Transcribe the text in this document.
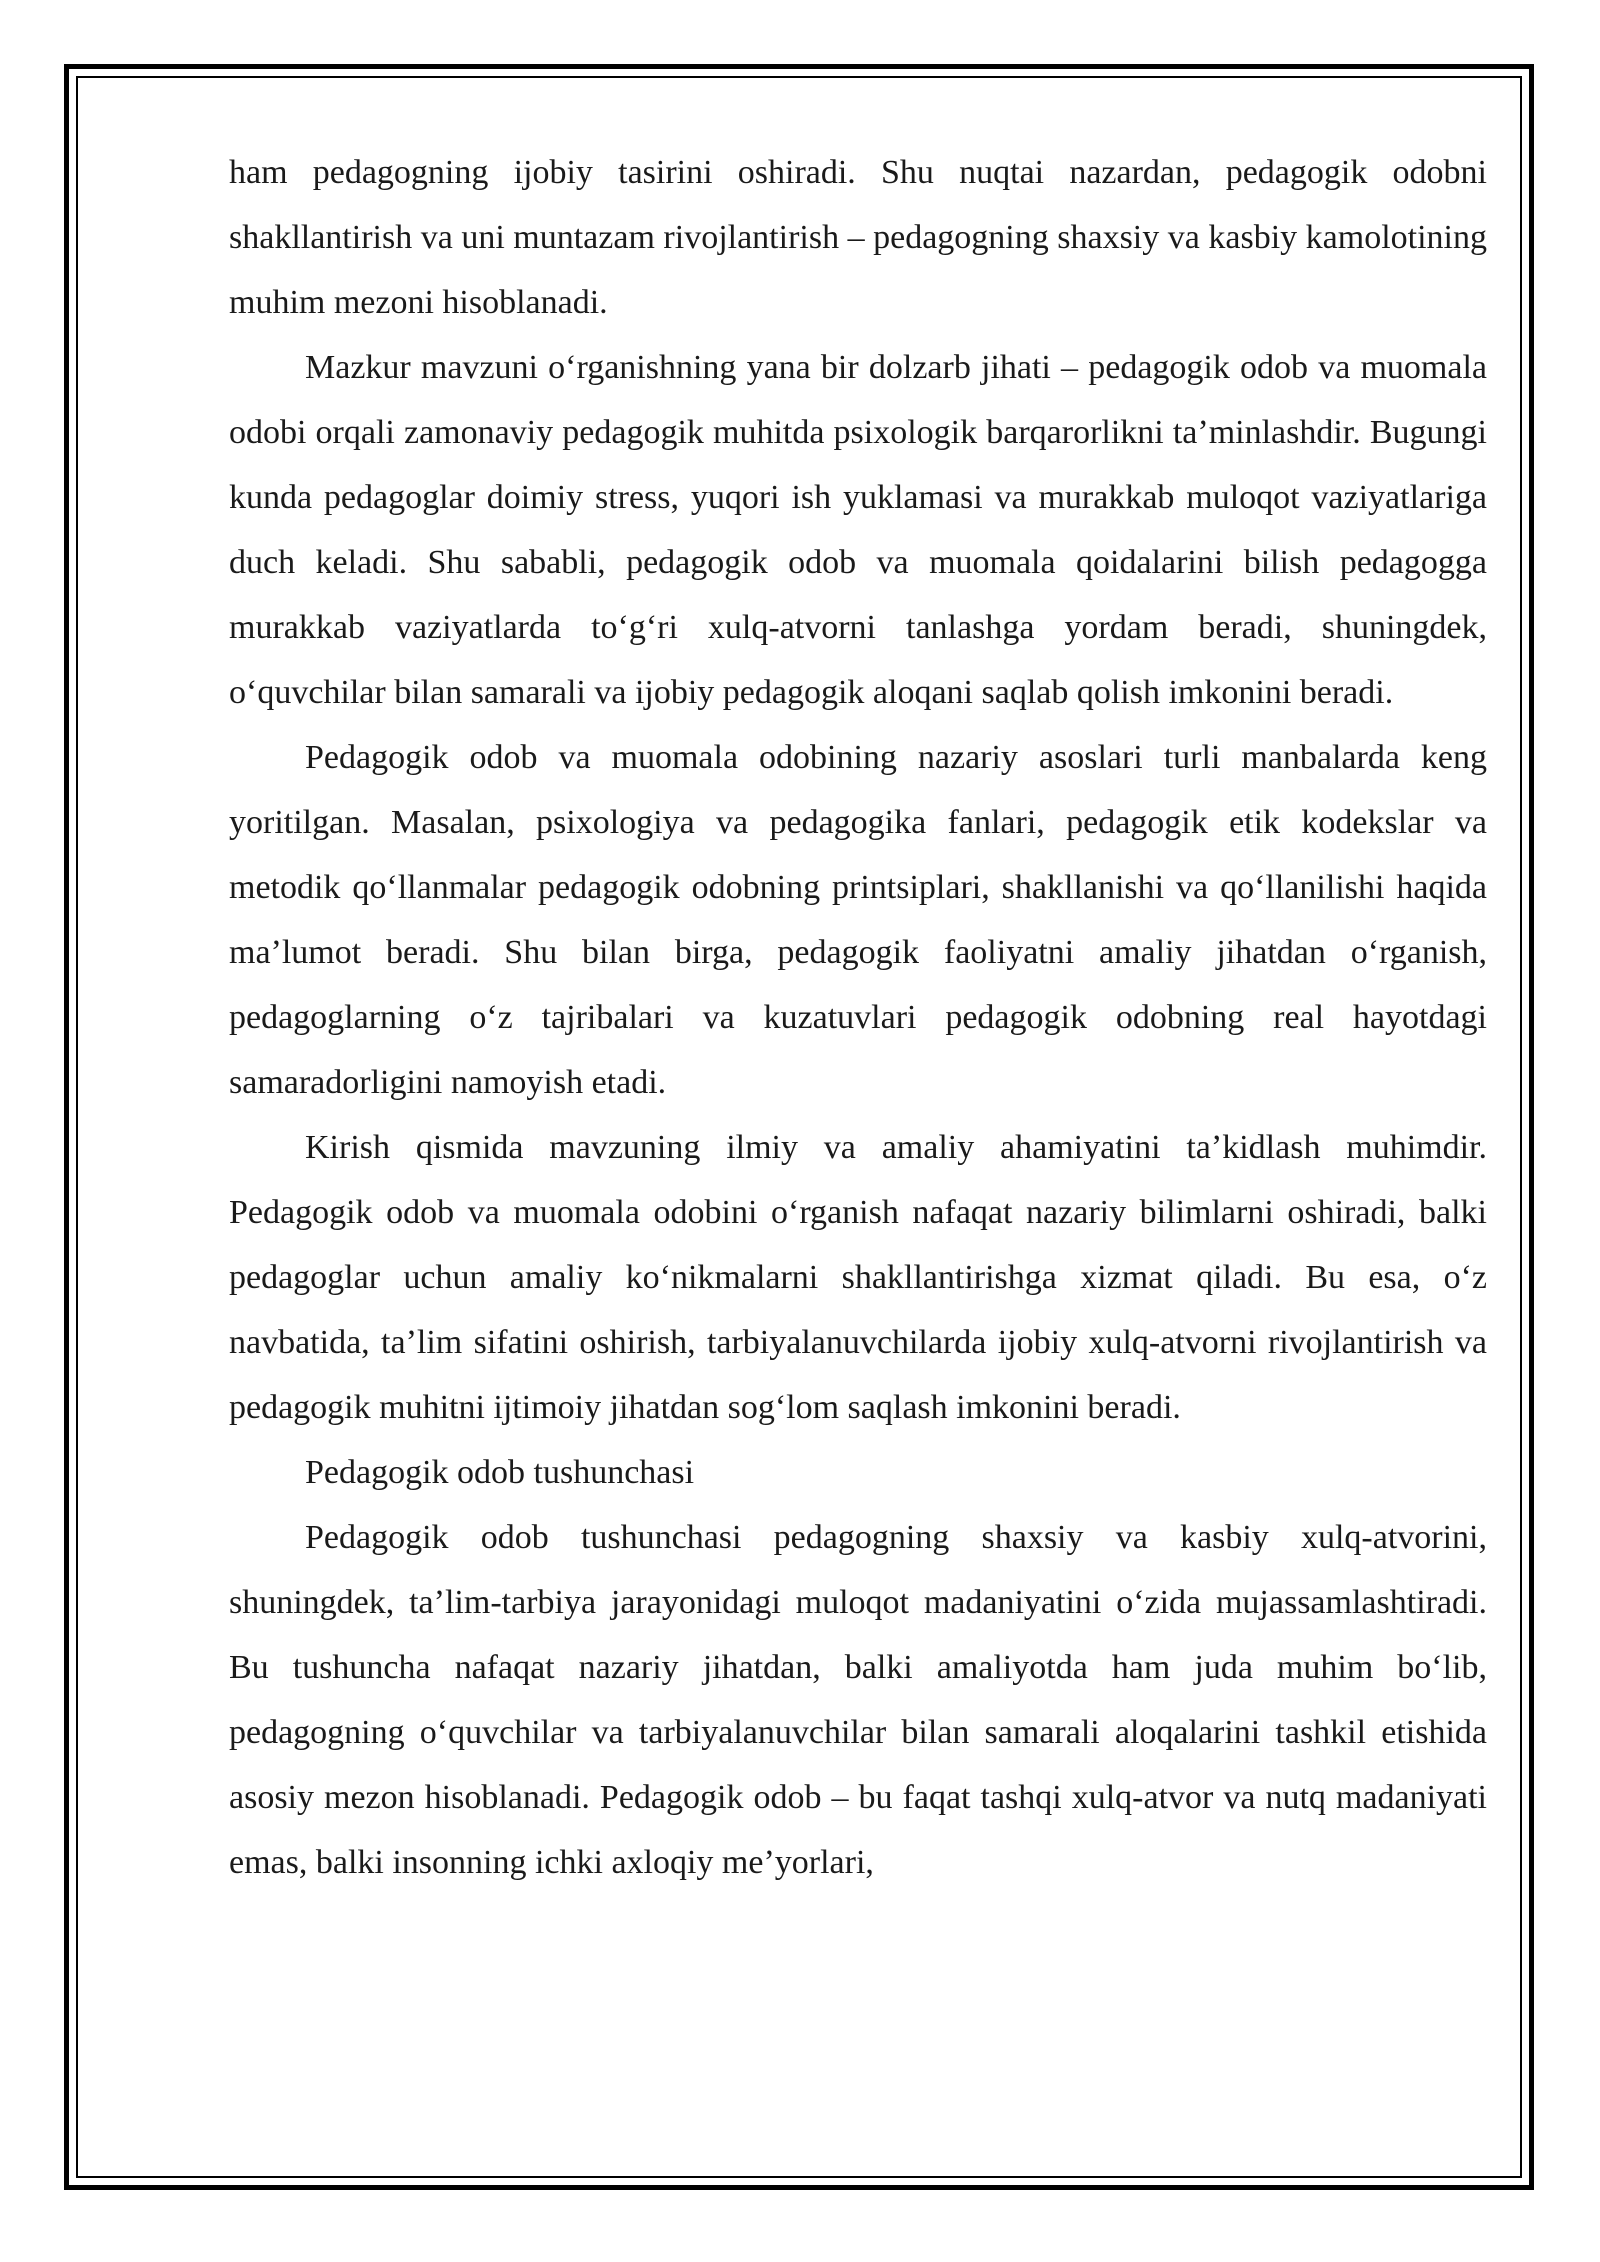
ham pedagogning ijobiy tasirini oshiradi. Shu nuqtai nazardan, pedagogik odobni shakllantirish va uni muntazam rivojlantirish – pedagogning shaxsiy va kasbiy kamolotining muhim mezoni hisoblanadi.

Mazkur mavzuni oʻrganishning yana bir dolzarb jihati – pedagogik odob va muomala odobi orqali zamonaviy pedagogik muhitda psixologik barqarorlikni taʼminlashdir. Bugungi kunda pedagoglar doimiy stress, yuqori ish yuklamasi va murakkab muloqot vaziyatlariga duch keladi. Shu sababli, pedagogik odob va muomala qoidalarini bilish pedagogga murakkab vaziyatlarda toʻgʻri xulq-atvorni tanlashga yordam beradi, shuningdek, oʻquvchilar bilan samarali va ijobiy pedagogik aloqani saqlab qolish imkonini beradi.

Pedagogik odob va muomala odobining nazariy asoslari turli manbalarda keng yoritilgan. Masalan, psixologiya va pedagogika fanlari, pedagogik etik kodekslar va metodik qoʻllanmalar pedagogik odobning printsiplari, shakllanishi va qoʻllanilishi haqida maʼlumot beradi. Shu bilan birga, pedagogik faoliyatni amaliy jihatdan oʻrganish, pedagoglarning oʻz tajribalari va kuzatuvlari pedagogik odobning real hayotdagi samaradorligini namoyish etadi.

Kirish qismida mavzuning ilmiy va amaliy ahamiyatini taʼkidlash muhimdir. Pedagogik odob va muomala odobini oʻrganish nafaqat nazariy bilimlarni oshiradi, balki pedagoglar uchun amaliy koʻnikmalarni shakllantirishga xizmat qiladi. Bu esa, oʻz navbatida, taʼlim sifatini oshirish, tarbiyalanuvchilarda ijobiy xulq-atvorni rivojlantirish va pedagogik muhitni ijtimoiy jihatdan sogʻlom saqlash imkonini beradi.

Pedagogik odob tushunchasi

Pedagogik odob tushunchasi pedagogning shaxsiy va kasbiy xulq-atvorini, shuningdek, taʼlim-tarbiya jarayonidagi muloqot madaniyatini oʻzida mujassamlashtiradi. Bu tushuncha nafaqat nazariy jihatdan, balki amaliyotda ham juda muhim boʻlib, pedagogning oʻquvchilar va tarbiyalanuvchilar bilan samarali aloqalarini tashkil etishida asosiy mezon hisoblanadi. Pedagogik odob – bu faqat tashqi xulq-atvor va nutq madaniyati emas, balki insonning ichki axloqiy meʼyorlari,
